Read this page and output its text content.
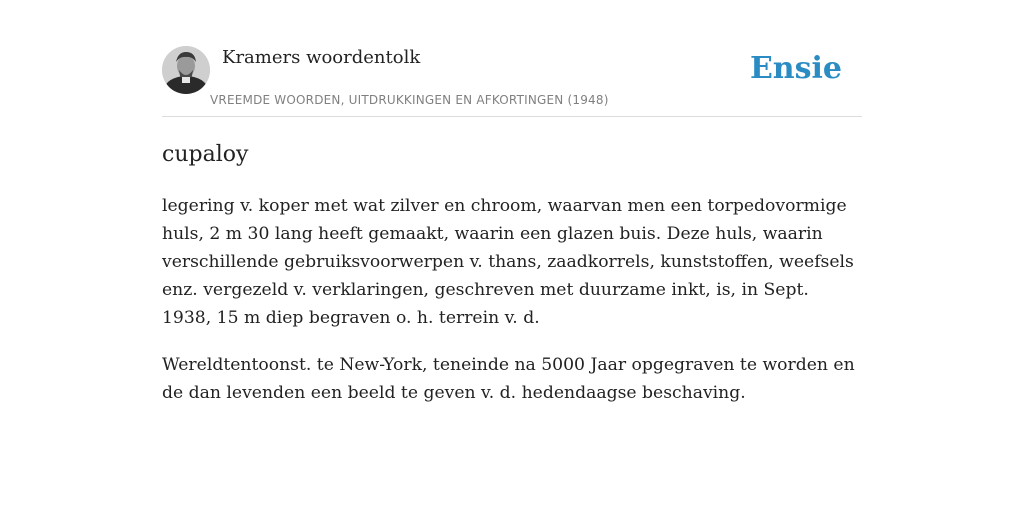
Kramers woordentolk
VREEMDE WOORDEN, UITDRUKKINGEN EN AFKORTINGEN (1948)
Ensie
cupaloy

legering v. koper met wat zilver en chroom, waarvan men een torpedovormige huls, 2 m 30 lang heeft gemaakt, waarin een glazen buis. Deze huls, waarin verschillende gebruiksvoorwerpen v. thans, zaadkorrels, kunststoffen, weefsels enz. vergezeld v. verklaringen, geschreven met duurzame inkt, is, in Sept. 1938, 15 m diep begraven o. h. terrein v. d.

Wereldtentoonst. te New-York, teneinde na 5000 Jaar opgegraven te worden en de dan levenden een beeld te geven v. d. hedendaagse beschaving.
